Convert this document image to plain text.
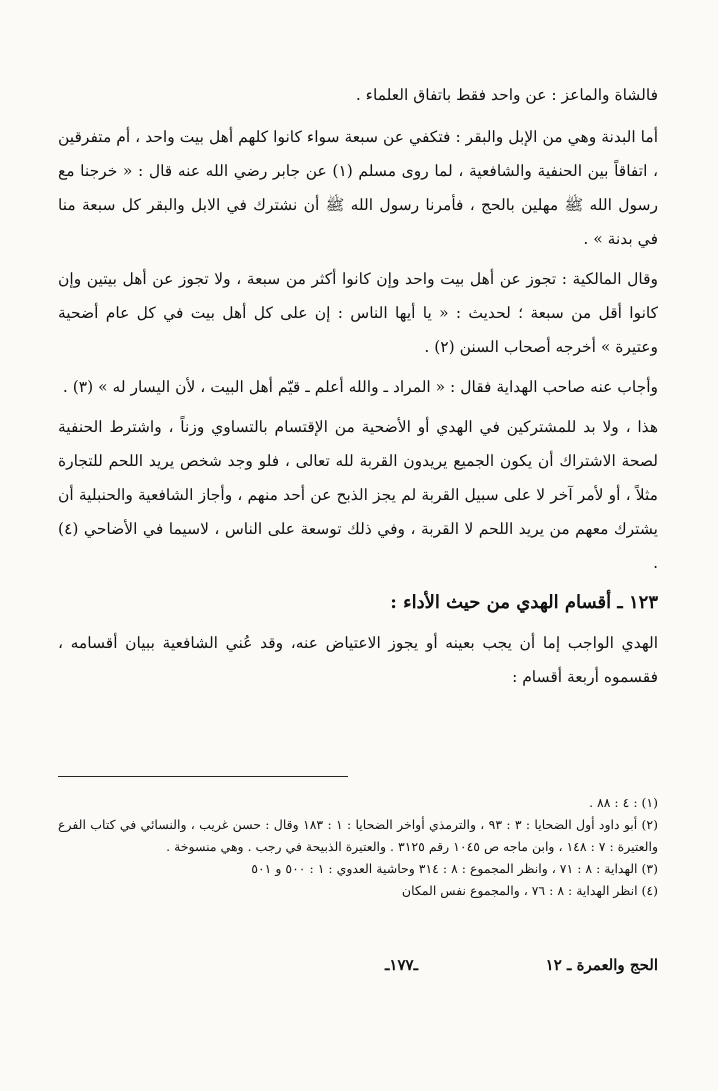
فالشاة والماعز : عن واحد فقط باتفاق العلماء .

أما البدنة وهي من الإبل والبقر : فتكفي عن سبعة سواء كانوا كلهم أهل بيت واحد ، أم متفرقين ، اتفاقاً بين الحنفية والشافعية ، لما روى مسلم (١) عن جابر رضي الله عنه قال : « خرجنا مع رسول الله ﷺ مهلين بالحج ، فأمرنا رسول الله ﷺ أن نشترك في الابل والبقر كل سبعة منا في بدنة » .

وقال المالكية : تجوز عن أهل بيت واحد وإن كانوا أكثر من سبعة ، ولا تجوز عن أهل بيتين وإن كانوا أقل من سبعة ؛ لحديث : « يا أيها الناس : إن على كل أهل بيت في كل عام أضحية وعتيرة » أخرجه أصحاب السنن (٢) .

وأجاب عنه صاحب الهداية فقال : « المراد ـ والله أعلم ـ قيّم أهل البيت ، لأن اليسار له » (٣) .

هذا ، ولا بد للمشتركين في الهدي أو الأضحية من الإقتسام بالتساوي وزناً ، واشترط الحنفية لصحة الاشتراك أن يكون الجميع يريدون القربة لله تعالى ، فلو وجد شخص يريد اللحم للتجارة مثلاً ، أو لأمر آخر لا على سبيل القربة لم يجز الذبح عن أحد منهم ، وأجاز الشافعية والحنبلية أن يشترك معهم من يريد اللحم لا القربة ، وفي ذلك توسعة على الناس ، لاسيما في الأضاحي (٤) .

١٢٣ ـ أقسام الهدي من حيث الأداء :

الهدي الواجب إما أن يجب بعينه أو يجوز الاعتياض عنه، وقد عُني الشافعية ببيان أقسامه ، فقسموه أربعة أقسام :

(١) : ٤ : ٨٨ .

(٢) أبو داود أول الضحايا : ٣ : ٩٣ ، والترمذي أواخر الضحايا : ١ : ١٨٣ وقال : حسن غريب ، والنسائي في كتاب الفرع والعتيرة : ٧ : ١٤٨ ، وابن ماجه ص ١٠٤٥ رقم ٣١٢٥ . والعتيرة الذبيحة في رجب . وهي منسوخة .

(٣) الهداية : ٨ : ٧١ ، وانظر المجموع : ٨ : ٣١٤ وحاشية العدوي : ١ : ٥٠٠ و ٥٠١

(٤) انظر الهداية : ٨ : ٧٦ ، والمجموع نفس المكان

الحج والعمرة ـ ١٢
ـ١٧٧ـ
